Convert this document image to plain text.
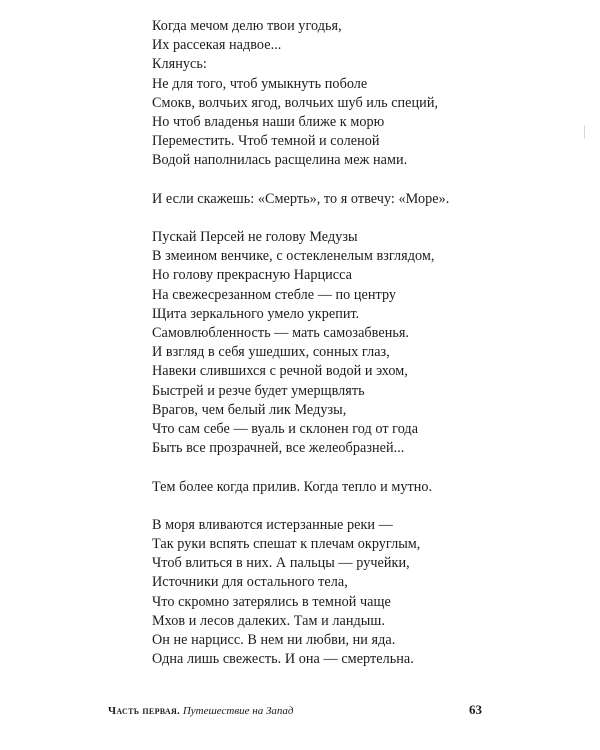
Когда мечом делю твои угодья,
Их рассекая надвое...
Клянусь:
Не для того, чтоб умыкнуть поболе
Смокв, волчьих ягод, волчьих шуб иль специй,
Но чтоб владенья наши ближе к морю
Переместить. Чтоб темной и соленой
Водой наполнилась расщелина меж нами.
И если скажешь: «Смерть», то я отвечу: «Море».
Пускай Персей не голову Медузы
В змеином венчике, с остекленелым взглядом,
Но голову прекрасную Нарцисса
На свежесрезанном стебле — по центру
Щита зеркального умело укрепит.
Самовлюбленность — мать самозабвенья.
И взгляд в себя ушедших, сонных глаз,
Навеки слившихся с речной водой и эхом,
Быстрей и резче будет умерщвлять
Врагов, чем белый лик Медузы,
Что сам себе — вуаль и склонен год от года
Быть все прозрачней, все желеобразней...
Тем более когда прилив. Когда тепло и мутно.
В моря вливаются истерзанные реки —
Так руки вспять спешат к плечам округлым,
Чтоб влиться в них. А пальцы — ручейки,
Источники для остального тела,
Что скромно затерялись в темной чаще
Мхов и лесов далеких. Там и ландыш.
Он не нарцисс. В нем ни любви, ни яда.
Одна лишь свежесть. И она — смертельна.
Часть первая. Путешествие на Запад	63
